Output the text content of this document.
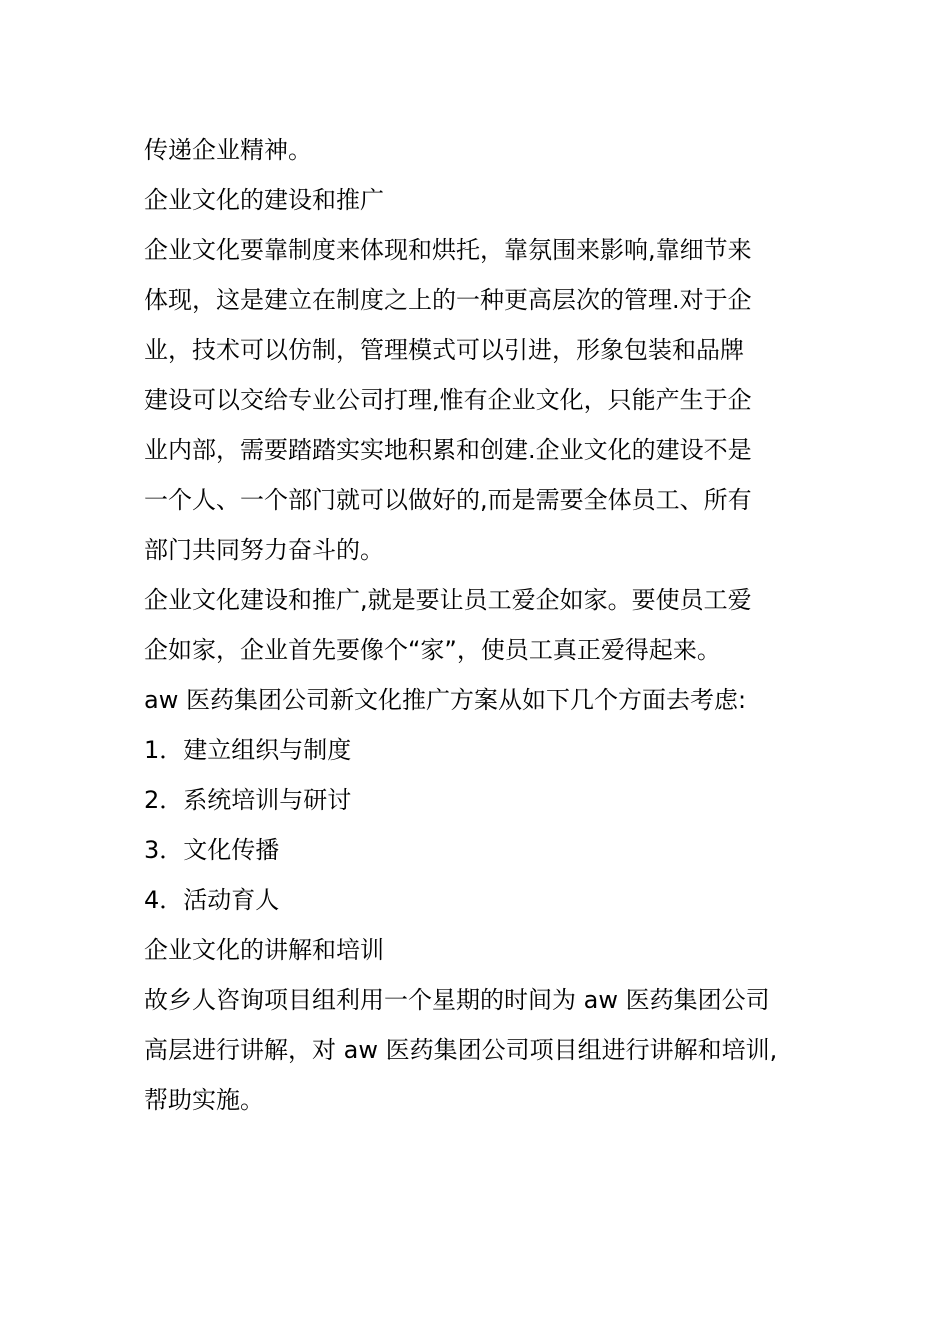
传递企业精神。

企业文化的建设和推广

企业文化要靠制度来体现和烘托，靠氛围来影响,靠细节来
体现，这是建立在制度之上的一种更高层次的管理.对于企
业，技术可以仿制，管理模式可以引进，形象包装和品牌
建设可以交给专业公司打理,惟有企业文化，只能产生于企
业内部，需要踏踏实实地积累和创建.企业文化的建设不是
一个人、一个部门就可以做好的,而是需要全体员工、所有
部门共同努力奋斗的。

企业文化建设和推广,就是要让员工爱企如家。要使员工爱
企如家，企业首先要像个“家”，使员工真正爱得起来。

aw 医药集团公司新文化推广方案从如下几个方面去考虑:

1．建立组织与制度
2．系统培训与研讨
3．文化传播
4．活动育人

企业文化的讲解和培训

故乡人咨询项目组利用一个星期的时间为 aw 医药集团公司
高层进行讲解，对 aw 医药集团公司项目组进行讲解和培训,
帮助实施。
